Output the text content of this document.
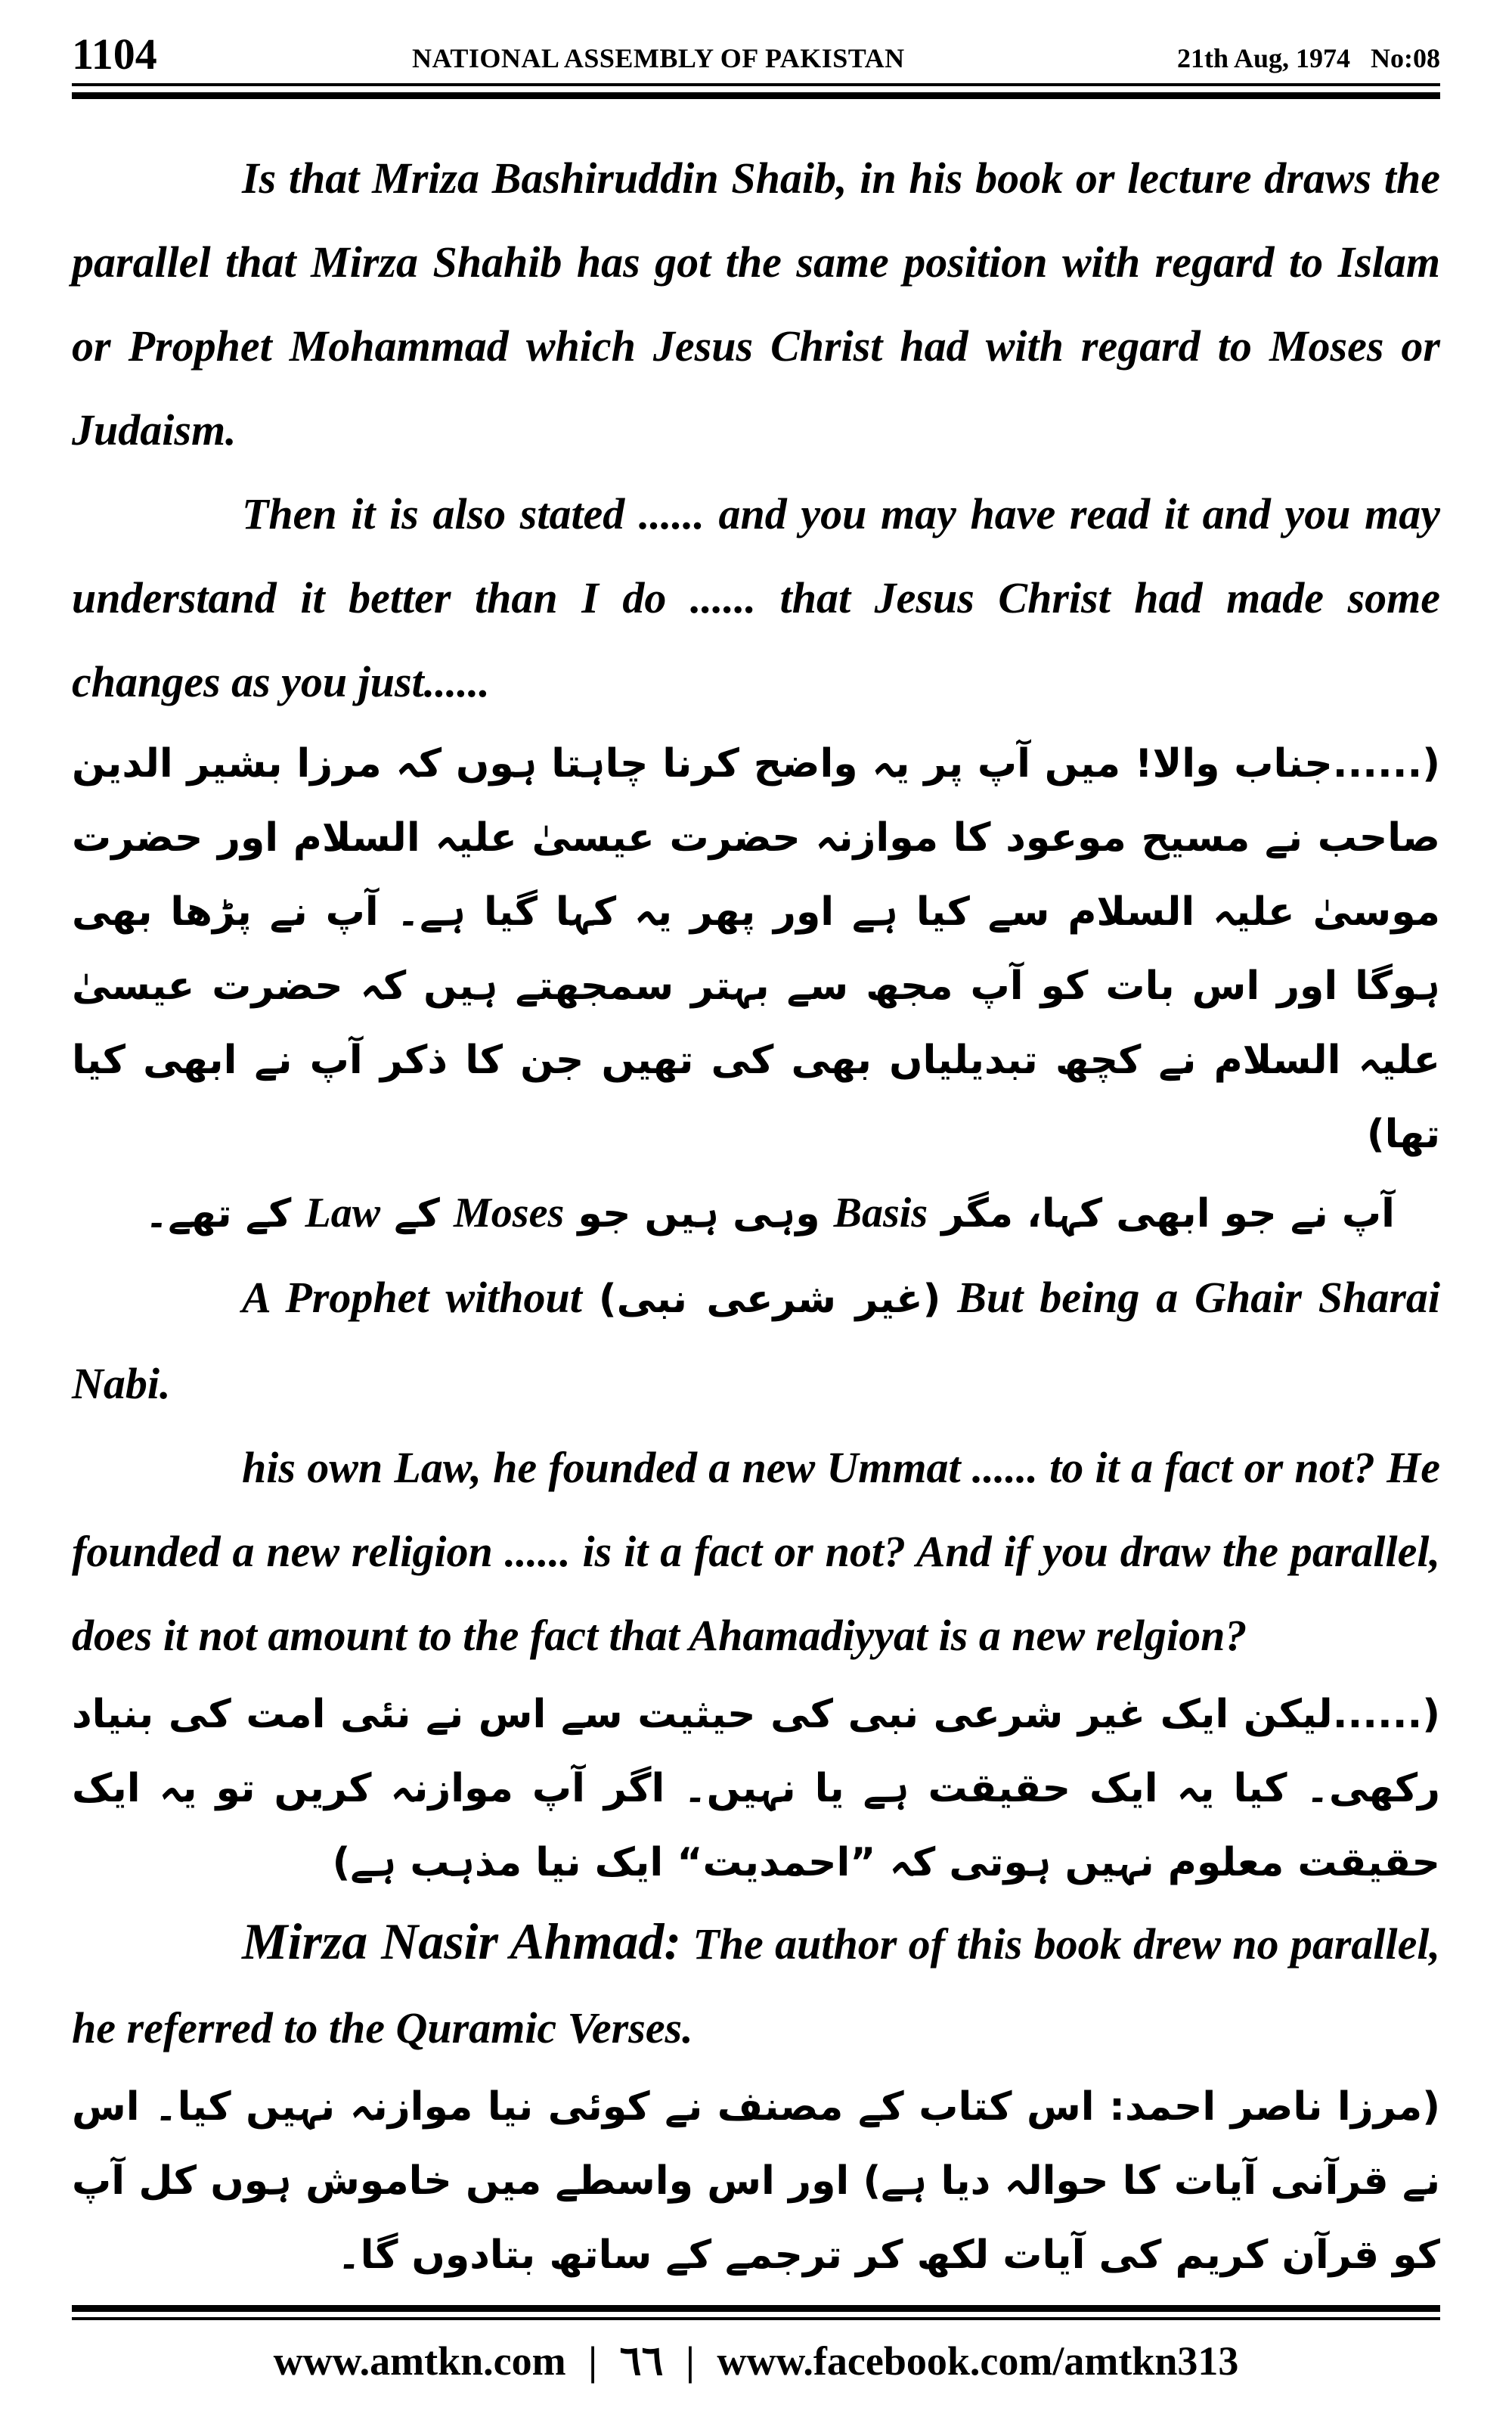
1104	NATIONAL ASSEMBLY OF PAKISTAN	21th Aug, 1974   No:08

Is that Mriza Bashiruddin Shaib, in his book or lecture draws the parallel that Mirza Shahib has got the same position with regard to Islam or Prophet Mohammad which Jesus Christ had with regard to Moses or Judaism.

Then it is also stated ...... and you may have read it and you may understand it better than I do ...... that Jesus Christ had made some changes as you just......

(......جناب والا! میں آپ پر یہ واضح کرنا چاہتا ہوں کہ مرزا بشیر الدین صاحب نے مسیح موعود کا موازنہ حضرت عیسیٰ علیہ السلام اور حضرت موسیٰ علیہ السلام سے کیا ہے اور پھر یہ کہا گیا ہے۔ آپ نے پڑھا بھی ہوگا اور اس بات کو آپ مجھ سے بہتر سمجھتے ہیں کہ حضرت عیسیٰ علیہ السلام نے کچھ تبدیلیاں بھی کی تھیں جن کا ذکر آپ نے ابھی کیا تھا)

آپ نے جو ابھی کہا، مگر Basis وہی ہیں جو Moses کے Law کے تھے۔

A Prophet without (غیر شرعی نبی) But being a Ghair Sharai Nabi.

his own Law, he founded a new Ummat ...... to it a fact or not? He founded a new religion ...... is it a fact or not? And if you draw the parallel, does it not amount to the fact that Ahamadiyyat is a new relgion?

(......لیکن ایک غیر شرعی نبی کی حیثیت سے اس نے نئی امت کی بنیاد رکھی۔ کیا یہ ایک حقیقت ہے یا نہیں۔ اگر آپ موازنہ کریں تو یہ ایک حقیقت معلوم نہیں ہوتی کہ ”احمدیت“ ایک نیا مذہب ہے)

Mirza Nasir Ahmad: The author of this book drew no parallel, he referred to the Quramic Verses.

(مرزا ناصر احمد: اس کتاب کے مصنف نے کوئی نیا موازنہ نہیں کیا۔ اس نے قرآنی آیات کا حوالہ دیا ہے) اور اس واسطے میں خاموش ہوں کل آپ کو قرآن کریم کی آیات لکھ کر ترجمے کے ساتھ بتادوں گا۔

www.amtkn.com | ٦٦ | www.facebook.com/amtkn313
